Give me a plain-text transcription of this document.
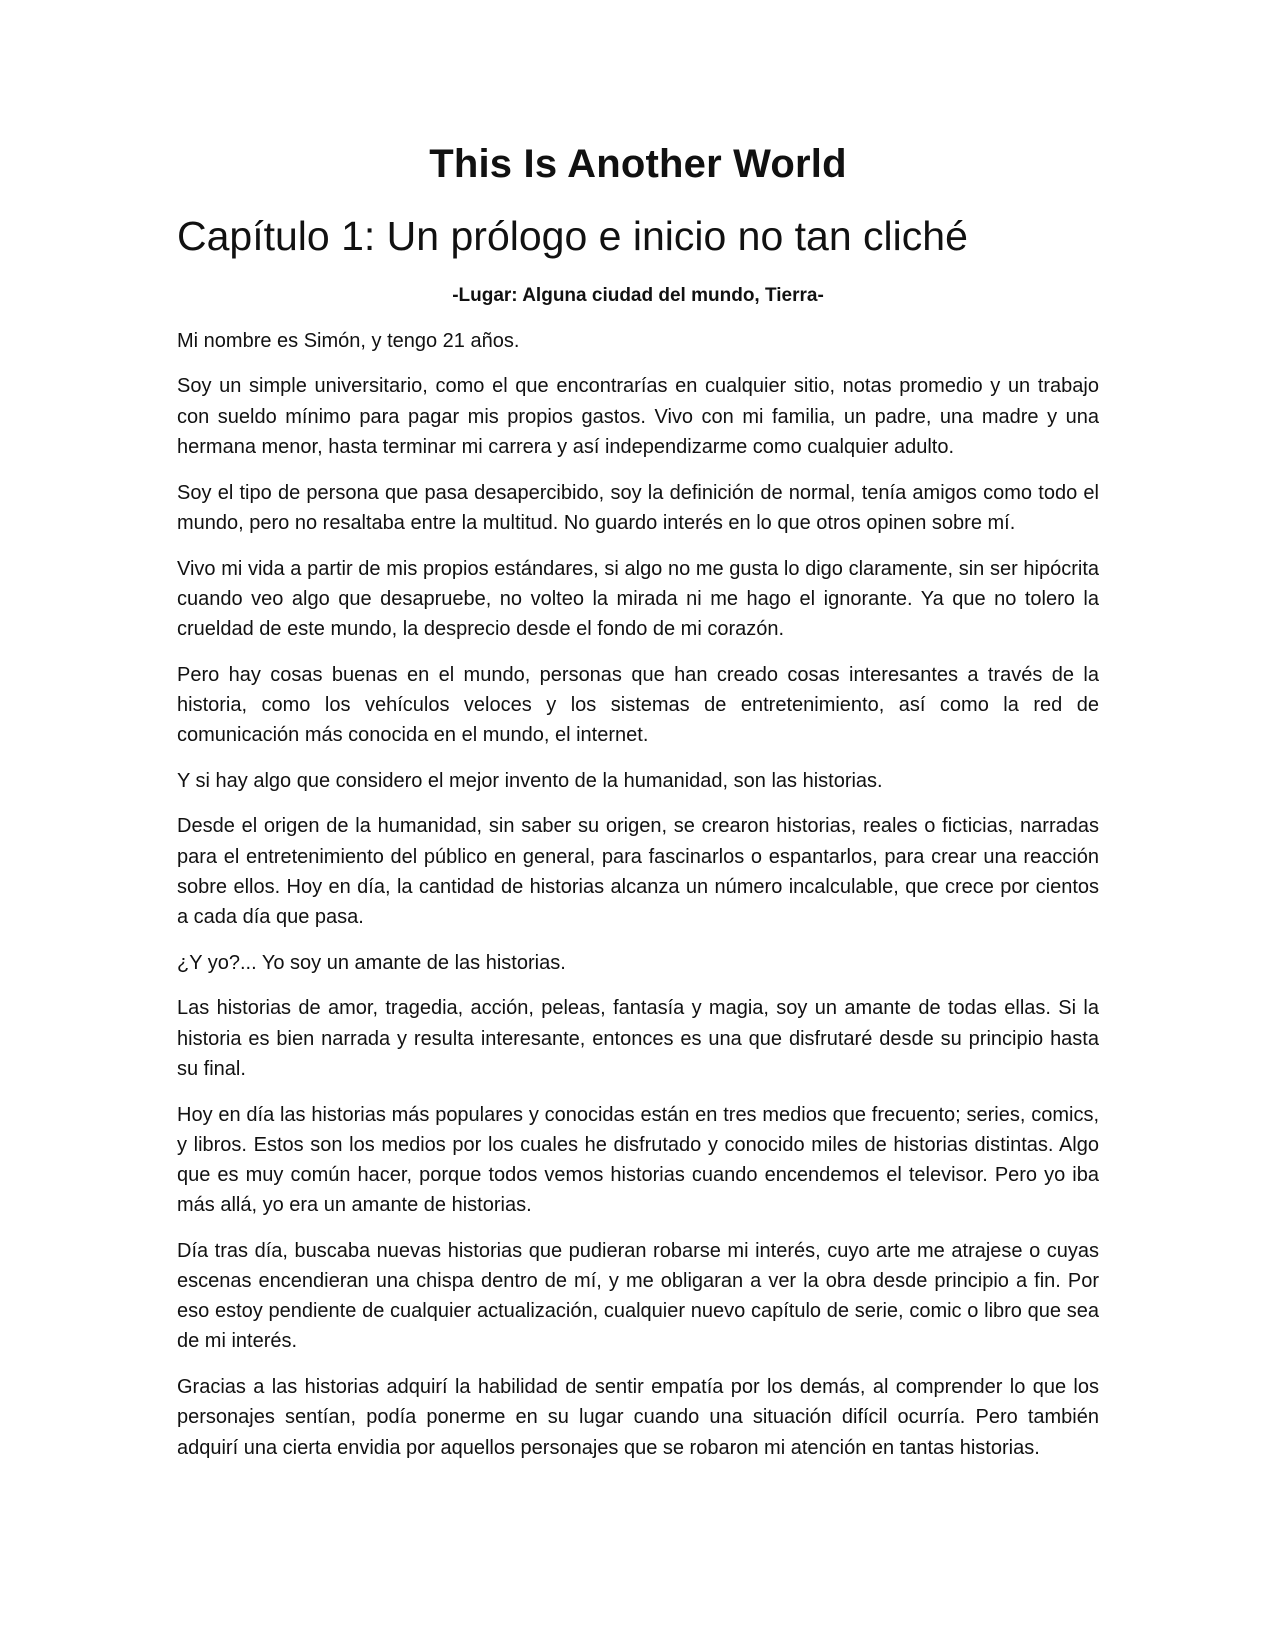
This Is Another World
Capítulo 1: Un prólogo e inicio no tan cliché
-Lugar: Alguna ciudad del mundo, Tierra-

Mi nombre es Simón, y tengo 21 años.

Soy un simple universitario, como el que encontrarías en cualquier sitio, notas promedio y un trabajo con sueldo mínimo para pagar mis propios gastos. Vivo con mi familia, un padre, una madre y una hermana menor, hasta terminar mi carrera y así independizarme como cualquier adulto.

Soy el tipo de persona que pasa desapercibido, soy la definición de normal, tenía amigos como todo el mundo, pero no resaltaba entre la multitud. No guardo interés en lo que otros opinen sobre mí.

Vivo mi vida a partir de mis propios estándares, si algo no me gusta lo digo claramente, sin ser hipócrita cuando veo algo que desapruebe, no volteo la mirada ni me hago el ignorante. Ya que no tolero la crueldad de este mundo, la desprecio desde el fondo de mi corazón.

Pero hay cosas buenas en el mundo, personas que han creado cosas interesantes a través de la historia, como los vehículos veloces y los sistemas de entretenimiento, así como la red de comunicación más conocida en el mundo, el internet.

Y si hay algo que considero el mejor invento de la humanidad, son las historias.

Desde el origen de la humanidad, sin saber su origen, se crearon historias, reales o ficticias, narradas para el entretenimiento del público en general, para fascinarlos o espantarlos, para crear una reacción sobre ellos. Hoy en día, la cantidad de historias alcanza un número incalculable, que crece por cientos a cada día que pasa.

¿Y yo?... Yo soy un amante de las historias.

Las historias de amor, tragedia, acción, peleas, fantasía y magia, soy un amante de todas ellas. Si la historia es bien narrada y resulta interesante, entonces es una que disfrutaré desde su principio hasta su final.

Hoy en día las historias más populares y conocidas están en tres medios que frecuento; series, comics, y libros. Estos son los medios por los cuales he disfrutado y conocido miles de historias distintas. Algo que es muy común hacer, porque todos vemos historias cuando encendemos el televisor. Pero yo iba más allá, yo era un amante de historias.

Día tras día, buscaba nuevas historias que pudieran robarse mi interés, cuyo arte me atrajese o cuyas escenas encendieran una chispa dentro de mí, y me obligaran a ver la obra desde principio a fin. Por eso estoy pendiente de cualquier actualización, cualquier nuevo capítulo de serie, comic o libro que sea de mi interés.

Gracias a las historias adquirí la habilidad de sentir empatía por los demás, al comprender lo que los personajes sentían, podía ponerme en su lugar cuando una situación difícil ocurría. Pero también adquirí una cierta envidia por aquellos personajes que se robaron mi atención en tantas historias.
